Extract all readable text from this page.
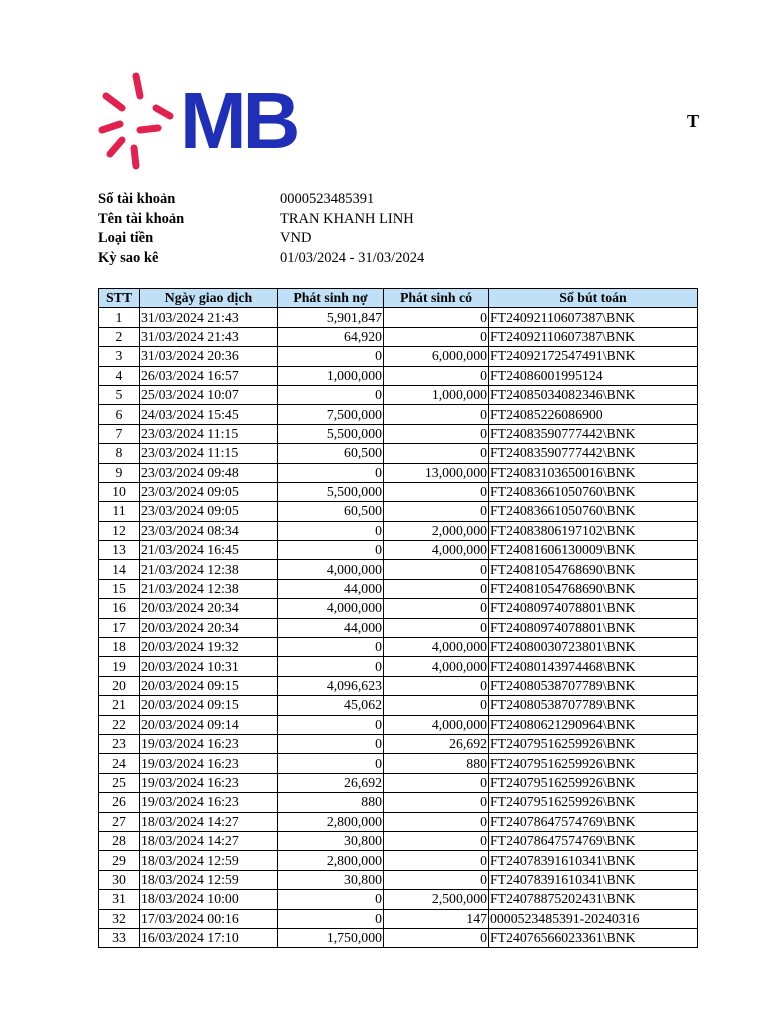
MB	T
Số tài khoản	0000523485391
Tên tài khoản	TRAN KHANH LINH
Loại tiền	VND
Kỳ sao kê	01/03/2024 - 31/03/2024
STT	Ngày giao dịch	Phát sinh nợ	Phát sinh có	Số bút toán
1	31/03/2024 21:43	5,901,847	0	FT24092110607387\BNK
2	31/03/2024 21:43	64,920	0	FT24092110607387\BNK
3	31/03/2024 20:36	0	6,000,000	FT24092172547491\BNK
4	26/03/2024 16:57	1,000,000	0	FT24086001995124
5	25/03/2024 10:07	0	1,000,000	FT24085034082346\BNK
6	24/03/2024 15:45	7,500,000	0	FT24085226086900
7	23/03/2024 11:15	5,500,000	0	FT24083590777442\BNK
8	23/03/2024 11:15	60,500	0	FT24083590777442\BNK
9	23/03/2024 09:48	0	13,000,000	FT24083103650016\BNK
10	23/03/2024 09:05	5,500,000	0	FT24083661050760\BNK
11	23/03/2024 09:05	60,500	0	FT24083661050760\BNK
12	23/03/2024 08:34	0	2,000,000	FT24083806197102\BNK
13	21/03/2024 16:45	0	4,000,000	FT24081606130009\BNK
14	21/03/2024 12:38	4,000,000	0	FT24081054768690\BNK
15	21/03/2024 12:38	44,000	0	FT24081054768690\BNK
16	20/03/2024 20:34	4,000,000	0	FT24080974078801\BNK
17	20/03/2024 20:34	44,000	0	FT24080974078801\BNK
18	20/03/2024 19:32	0	4,000,000	FT24080030723801\BNK
19	20/03/2024 10:31	0	4,000,000	FT24080143974468\BNK
20	20/03/2024 09:15	4,096,623	0	FT24080538707789\BNK
21	20/03/2024 09:15	45,062	0	FT24080538707789\BNK
22	20/03/2024 09:14	0	4,000,000	FT24080621290964\BNK
23	19/03/2024 16:23	0	26,692	FT24079516259926\BNK
24	19/03/2024 16:23	0	880	FT24079516259926\BNK
25	19/03/2024 16:23	26,692	0	FT24079516259926\BNK
26	19/03/2024 16:23	880	0	FT24079516259926\BNK
27	18/03/2024 14:27	2,800,000	0	FT24078647574769\BNK
28	18/03/2024 14:27	30,800	0	FT24078647574769\BNK
29	18/03/2024 12:59	2,800,000	0	FT24078391610341\BNK
30	18/03/2024 12:59	30,800	0	FT24078391610341\BNK
31	18/03/2024 10:00	0	2,500,000	FT24078875202431\BNK
32	17/03/2024 00:16	0	147	0000523485391-20240316
33	16/03/2024 17:10	1,750,000	0	FT24076566023361\BNK
